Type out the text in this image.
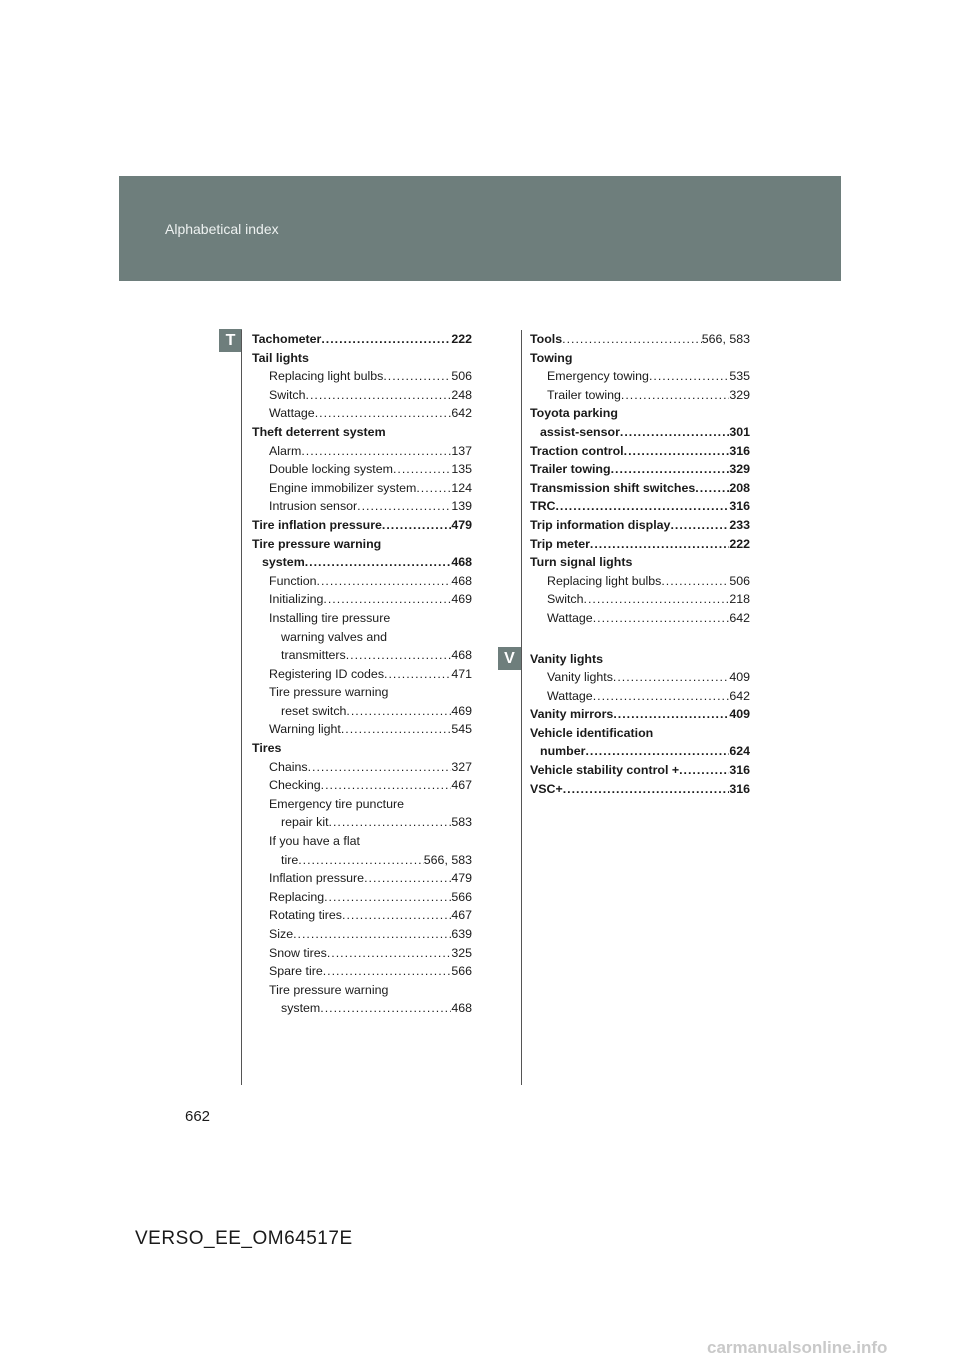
Alphabetical index
T	Tachometer .....	222
Tail lights
Replacing light bulbs .....	506
Switch .....	248
Wattage .....	642
Theft deterrent system
Alarm .....	137
Double locking system .....	135
Engine immobilizer system .....	124
Intrusion sensor .....	139
Tire inflation pressure .....	479
Tire pressure warning
system .....	468
Function .....	468
Initializing .....	469
Installing tire pressure
warning valves and
transmitters .....	468
Registering ID codes .....	471
Tire pressure warning
reset switch .....	469
Warning light .....	545
Tires
Chains .....	327
Checking .....	467
Emergency tire puncture
repair kit .....	583
If you have a flat
tire .....	566, 583
Inflation pressure .....	479
Replacing .....	566
Rotating tires .....	467
Size .....	639
Snow tires .....	325
Spare tire .....	566
Tire pressure warning
system .....	468
V
Tools .....	566, 583
Towing
Emergency towing .....	535
Trailer towing .....	329
Toyota parking
assist-sensor .....	301
Traction control .....	316
Trailer towing .....	329
Transmission shift switches .....	208
TRC .....	316
Trip information display .....	233
Trip meter .....	222
Turn signal lights
Replacing light bulbs .....	506
Switch .....	218
Wattage .....	642
Vanity lights
Vanity lights .....	409
Wattage .....	642
Vanity mirrors .....	409
Vehicle identification
number .....	624
Vehicle stability control + .....	316
VSC+ .....	316
662
VERSO_EE_OM64517E
carmanualsonline.info
